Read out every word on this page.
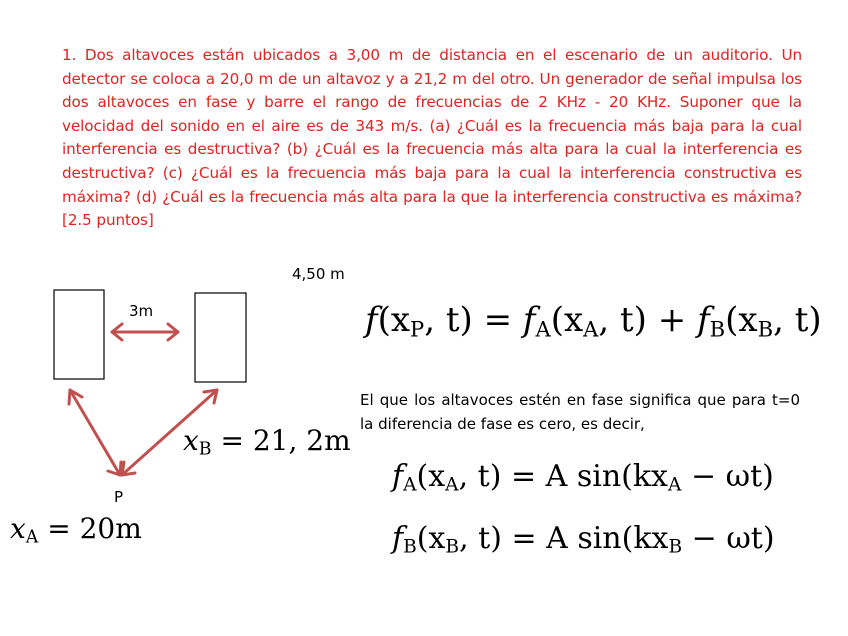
1. Dos altavoces están ubicados a 3,00 m de distancia en el escenario de un auditorio. Un detector se coloca a 20,0 m de un altavoz y a 21,2 m del otro. Un generador de señal impulsa los dos altavoces en fase y barre el rango de frecuencias de 2 KHz - 20 KHz. Suponer que la velocidad del sonido en el aire es de 343 m/s. (a) ¿Cuál es la frecuencia más baja para la cual interferencia es destructiva? (b) ¿Cuál es la frecuencia más alta para la cual la interferencia es destructiva? (c) ¿Cuál es la frecuencia más baja para la cual la interferencia constructiva es máxima? (d) ¿Cuál es la frecuencia más alta para la que la interferencia constructiva es máxima? [2.5 puntos]
4,50 m
3m
P
$x_A = 20m$
$x_B = 21$, 2m
$f(x_P$, $t) = f_A(x_A$, $t) + f_B(x_B$, t)
El que los altavoces estén en fase significa que para t=0 la diferencia de fase es cero, es decir,
$f_A(x_A$, t) = A $\sin(kx_A - \omega t)$
$f_B(x_B$, t) = A $\sin(kx_B - \omega t)$
